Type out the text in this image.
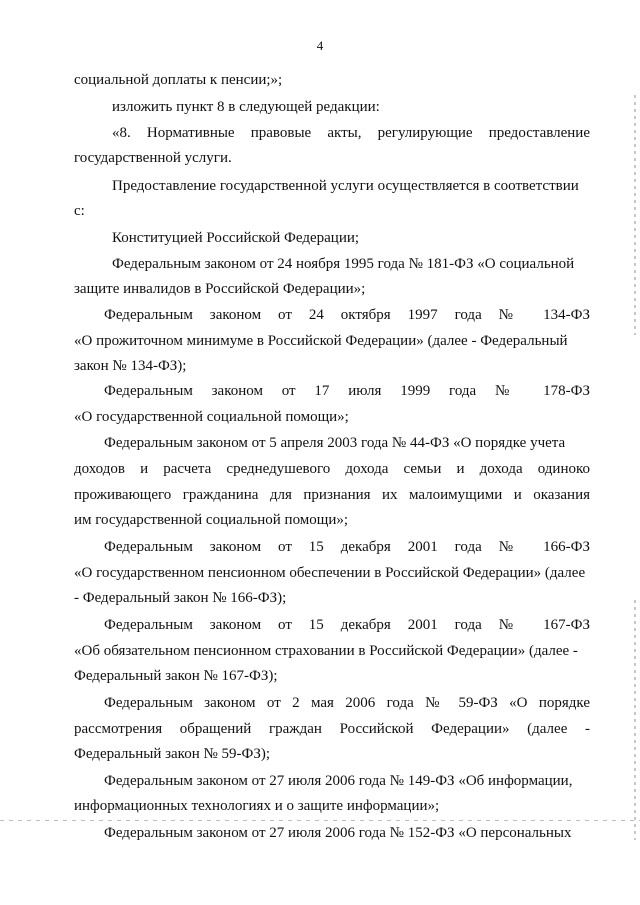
4
социальной доплаты к пенсии;»;
изложить пункт 8 в следующей редакции:
«8. Нормативные правовые акты, регулирующие предоставление
государственной услуги.
Предоставление государственной услуги осуществляется в соответствии
с:
Конституцией Российской Федерации;
Федеральным законом от 24 ноября 1995 года № 181-ФЗ «О социальной
защите инвалидов в Российской Федерации»;
Федеральным законом от 24 октября 1997 года № 134-ФЗ
«О прожиточном минимуме в Российской Федерации» (далее - Федеральный
закон № 134-ФЗ);
Федеральным законом от 17 июля 1999 года № 178-ФЗ
«О государственной социальной помощи»;
Федеральным законом от 5 апреля 2003 года № 44-ФЗ «О порядке учета
доходов и расчета среднедушевого дохода семьи и дохода одиноко
проживающего гражданина для признания их малоимущими и оказания
им государственной социальной помощи»;
Федеральным законом от 15 декабря 2001 года № 166-ФЗ
«О государственном пенсионном обеспечении в Российской Федерации» (далее
- Федеральный закон № 166-ФЗ);
Федеральным законом от 15 декабря 2001 года № 167-ФЗ
«Об обязательном пенсионном страховании в Российской Федерации» (далее -
Федеральный закон № 167-ФЗ);
Федеральным законом от 2 мая 2006 года № 59-ФЗ «О порядке
рассмотрения обращений граждан Российской Федерации» (далее -
Федеральный закон № 59-ФЗ);
Федеральным законом от 27 июля 2006 года № 149-ФЗ «Об информации,
информационных технологиях и о защите информации»;
Федеральным законом от 27 июля 2006 года № 152-ФЗ «О персональных
